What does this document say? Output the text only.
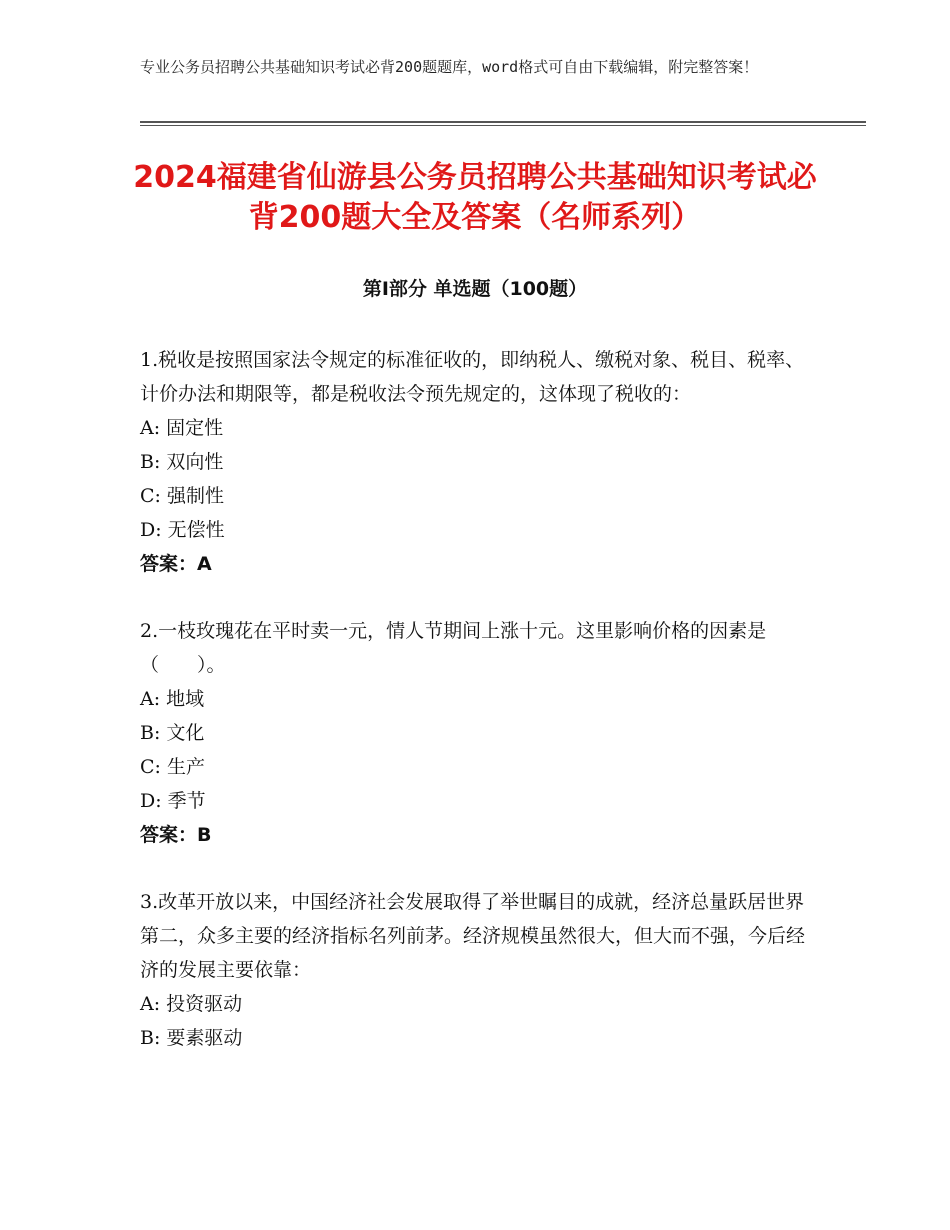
专业公务员招聘公共基础知识考试必背200题题库，word格式可自由下载编辑，附完整答案！
2024福建省仙游县公务员招聘公共基础知识考试必背200题大全及答案（名师系列）
第Ⅰ部分 单选题（100题）
1.税收是按照国家法令规定的标准征收的，即纳税人、缴税对象、税目、税率、计价办法和期限等，都是税收法令预先规定的，这体现了税收的：
A: 固定性
B: 双向性
C: 强制性
D: 无偿性
答案：A
2.一枝玫瑰花在平时卖一元，情人节期间上涨十元。这里影响价格的因素是（　　）。
A: 地域
B: 文化
C: 生产
D: 季节
答案：B
3.改革开放以来，中国经济社会发展取得了举世瞩目的成就，经济总量跃居世界第二，众多主要的经济指标名列前茅。经济规模虽然很大，但大而不强，今后经济的发展主要依靠：
A: 投资驱动
B: 要素驱动
